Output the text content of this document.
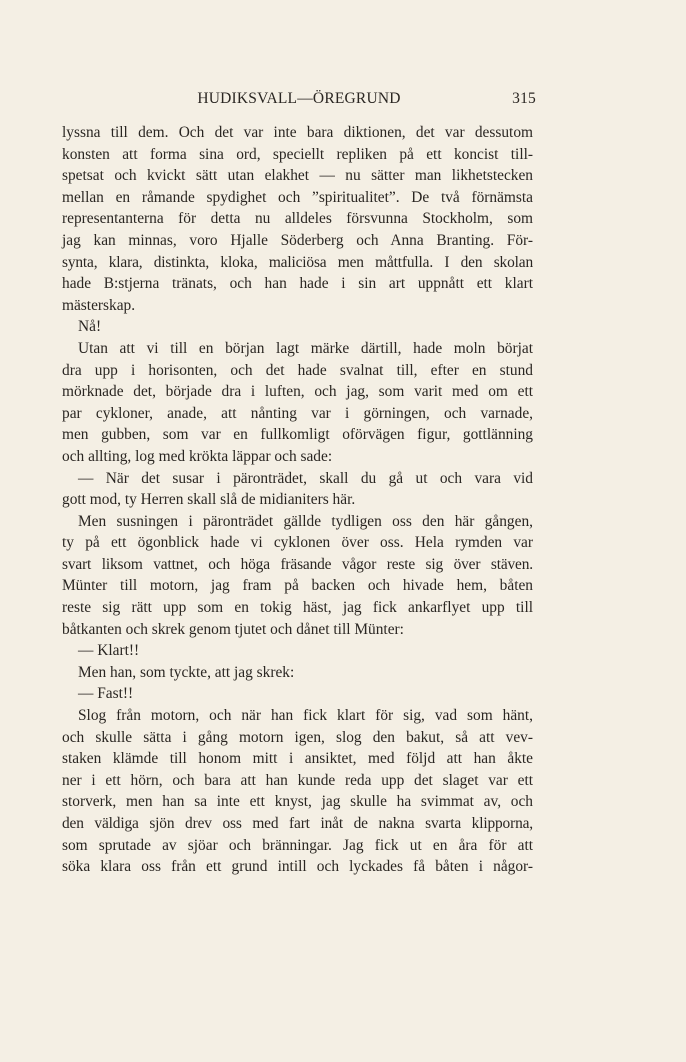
HUDIKSVALL—ÖREGRUND	315
lyssna till dem. Och det var inte bara diktionen, det var dessutom
konsten att forma sina ord, speciellt repliken på ett koncist till-
spetsat och kvickt sätt utan elakhet — nu sätter man likhetstecken
mellan en råmande spydighet och ”spiritualitet”. De två förnämsta
representanterna för detta nu alldeles försvunna Stockholm, som
jag kan minnas, voro Hjalle Söderberg och Anna Branting. För-
synta, klara, distinkta, kloka, maliciösa men måttfulla. I den skolan
hade B:stjerna tränats, och han hade i sin art uppnått ett klart
mästerskap.
Nå!
Utan att vi till en början lagt märke därtill, hade moln börjat
dra upp i horisonten, och det hade svalnat till, efter en stund
mörknade det, började dra i luften, och jag, som varit med om ett
par cykloner, anade, att nånting var i görningen, och varnade,
men gubben, som var en fullkomligt oförvägen figur, gottlänning
och allting, log med krökta läppar och sade:
— När det susar i päronträdet, skall du gå ut och vara vid
gott mod, ty Herren skall slå de midianiters här.
Men susningen i päronträdet gällde tydligen oss den här gången,
ty på ett ögonblick hade vi cyklonen över oss. Hela rymden var
svart liksom vattnet, och höga fräsande vågor reste sig över stäven.
Münter till motorn, jag fram på backen och hivade hem, båten
reste sig rätt upp som en tokig häst, jag fick ankarflyet upp till
båtkanten och skrek genom tjutet och dånet till Münter:
— Klart!!
Men han, som tyckte, att jag skrek:
— Fast!!
Slog från motorn, och när han fick klart för sig, vad som hänt,
och skulle sätta i gång motorn igen, slog den bakut, så att vev-
staken klämde till honom mitt i ansiktet, med följd att han åkte
ner i ett hörn, och bara att han kunde reda upp det slaget var ett
storverk, men han sa inte ett knyst, jag skulle ha svimmat av, och
den väldiga sjön drev oss med fart inåt de nakna svarta klipporna,
som sprutade av sjöar och bränningar. Jag fick ut en åra för att
söka klara oss från ett grund intill och lyckades få båten i någor-
